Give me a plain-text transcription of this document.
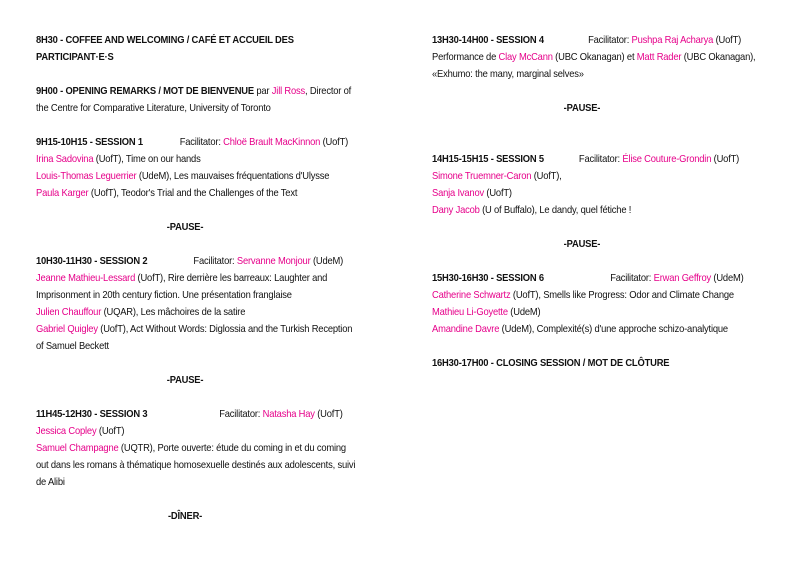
8H30 - COFFEE AND WELCOMING / CAFÉ ET ACCUEIL DES PARTICIPANT·E·S
9H00 - OPENING REMARKS / MOT DE BIENVENUE par Jill Ross, Director of the Centre for Comparative Literature, University of Toronto
9H15-10H15 - SESSION 1	Facilitator: Chloë Brault MacKinnon (UofT)
Irina Sadovina (UofT), Time on our hands
Louis-Thomas Leguerrier (UdeM), Les mauvaises fréquentations d'Ulysse
Paula Karger (UofT), Teodor's Trial and the Challenges of the Text
-PAUSE-
10H30-11H30 - SESSION 2	Facilitator: Servanne Monjour (UdeM)
Jeanne Mathieu-Lessard (UofT), Rire derrière les barreaux: Laughter and Imprisonment in 20th century fiction. Une présentation franglaise
Julien Chauffour (UQAR), Les mâchoires de la satire
Gabriel Quigley (UofT), Act Without Words: Diglossia and the Turkish Reception of Samuel Beckett
-PAUSE-
11H45-12H30 - SESSION 3	Facilitator: Natasha Hay (UofT)
Jessica Copley (UofT)
Samuel Champagne (UQTR), Porte ouverte: étude du coming in et du coming out dans les romans à thématique homosexuelle destinés aux adolescents, suivi de Alibi
-DÎNER-
13H30-14H00 - SESSION 4	Facilitator: Pushpa Raj Acharya (UofT)
Performance de Clay McCann (UBC Okanagan) et Matt Rader (UBC Okanagan), «Exhumo: the many, marginal selves»
-PAUSE-
14H15-15H15 - SESSION 5	Facilitator: Élise Couture-Grondin (UofT)
Simone Truemner-Caron (UofT),
Sanja Ivanov (UofT)
Dany Jacob (U of Buffalo), Le dandy, quel fétiche !
-PAUSE-
15H30-16H30 - SESSION 6	Facilitator: Erwan Geffroy (UdeM)
Catherine Schwartz (UofT), Smells like Progress: Odor and Climate Change
Mathieu Li-Goyette (UdeM)
Amandine Davre (UdeM), Complexité(s) d'une approche schizo-analytique
16H30-17H00 - CLOSING SESSION / MOT DE CLÔTURE
